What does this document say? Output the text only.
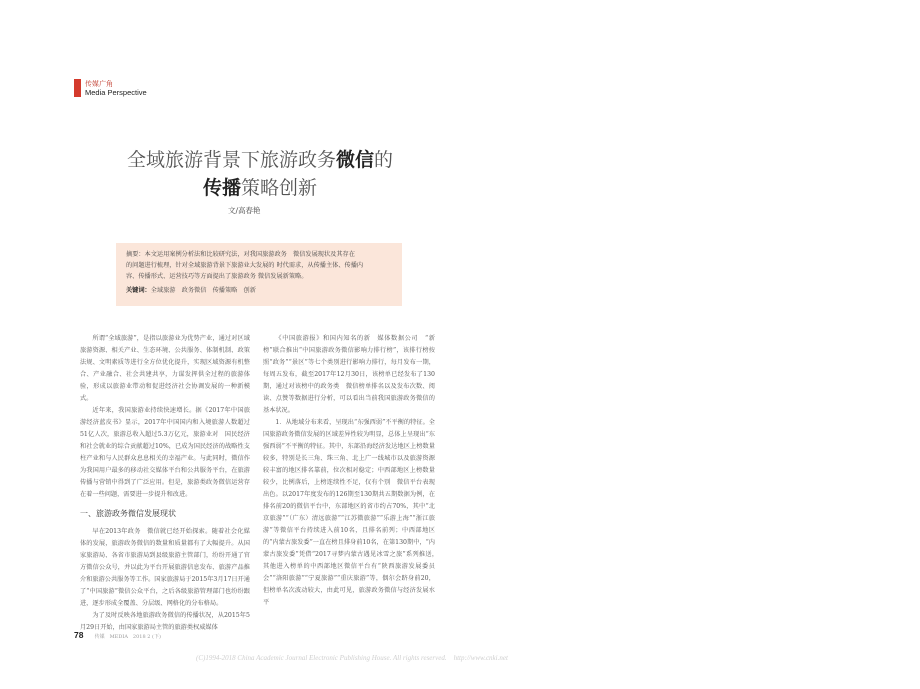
传媒广角
Media Perspective
全域旅游背景下旅游政务微信的
传播策略创新
文/高春艳

摘要：本文运用案例分析法和比较研究法，对我国旅游政务　微信发展现状及其存在

的问题进行梳理，针对全域旅游背景下旅游业大发展的 时代需求，从传播主体、传播内

容、传播形式、运营技巧等方面提出了旅游政务 微信发展新策略。

关键词：全域旅游　政务微信　传播策略　创新

所谓“全域旅游”，是指以旅游业为优势产业，通过对区域旅游资源、相关产业、生态环境、公共服务、体制机制、政策法规、文明素质等进行全方位优化提升，实现区域资源有机整合、产业融合、社会共建共享，力谋发挥供全过程的旅游体验，形成以旅游业带动和促进经济社会协调发展的一种新模式。

近年来，我国旅游业持续快速增长。据《2017年中国旅游经济蓝皮书》显示，2017年中国国内和入境旅游人数超过51亿人次，旅游总收入超过5.3万亿元，旅游业对　国民经济和社会就业的综合贡献超过10%，已成为国民经济的战略性支柱产业和与人民群众息息相关的幸福产业。与此同时，微信作为我国用户最多的移动社交媒体平台和公共服务平台，在旅游传播与营销中得到了广泛应用。但是，旅游类政务微信运营存在着一些问题，需要进一步提升和改进。

一、旅游政务微信发展现状

早在2013年政务　微信就已经开始探索。随着社会化媒体的发展，旅游政务微信的数量和质量都有了大幅提升。从国家旅游局、各省市旅游局到县级旅游主管部门，纷纷开通了官方微信公众号，并以此为平台开展旅游信息发布、旅游产品推介和旅游公共服务等工作。国家旅游局于2015年3月17日开通了“中国旅游”微信公众平台，之后各级旅游管理部门也纷纷跟进，逐步形成全覆盖、分层级、网格化的分布格局。

为了及时反映各地旅游政务微信的传播状况，从2015年5月29日开始，由国家旅游局主管的旅游类权威媒体

《中国旅游报》和国内知名的新　媒体数据公司　“新榜”联合推出“中国旅游政务微信影响力排行榜”，该排行榜按照“政务”“景区”等七个类别进行影响力排行，每月发布一期，每周五发布，截至2017年12月30日，该榜单已经发布了130期，通过对该榜中的政务类　微信榜单排名以及发布次数、阅读、点赞等数据进行分析，可以看出当前我国旅游政务微信的基本状况。

1．从地域分布来看，呈现出“东强西弱”不平衡的特征。全国旅游政务微信发展的区域差异性较为明显，总体上呈现出“东强西弱”不平衡的特征。其中，东部沿海经济发达地区上榜数量较多，特别是长三角、珠三角、北上广一线城市以及旅游资源较丰富的地区排名靠前，位次相对稳定；中西部地区上榜数量较少，比例落后，上榜连续性不足，仅有个别　微信平台表现出色。以2017年度发布的126期至130期共五期数据为例，在排名前20的微信平台中，东部地区的省市约占70%，其中“北京旅游”“（广东）清远旅游”“江苏微旅游”“乐游上海”“浙江旅游”等微信平台持续进入前10名，且排名前列；中西部地区的“内蒙古旅发委”一直在榜且排身前10名，在第130期中，“内蒙古旅发委”凭借“2017寻梦内蒙古遇见冰雪之旅”系列推送，　其他进入榜单的中西部地区微信平台有“陕西旅游发展委员会”“洛阳旅游”“宁夏旅游”“重庆旅游”等，偶尔会跻身前20，但榜单名次波动较大，由此可见，旅游政务微信与经济发展水平

78 传媒　MEDIA　2018 2 (下)
(C)1994-2018 China Academic Journal Electronic Publishing House. All rights reserved.　http://www.cnki.net
